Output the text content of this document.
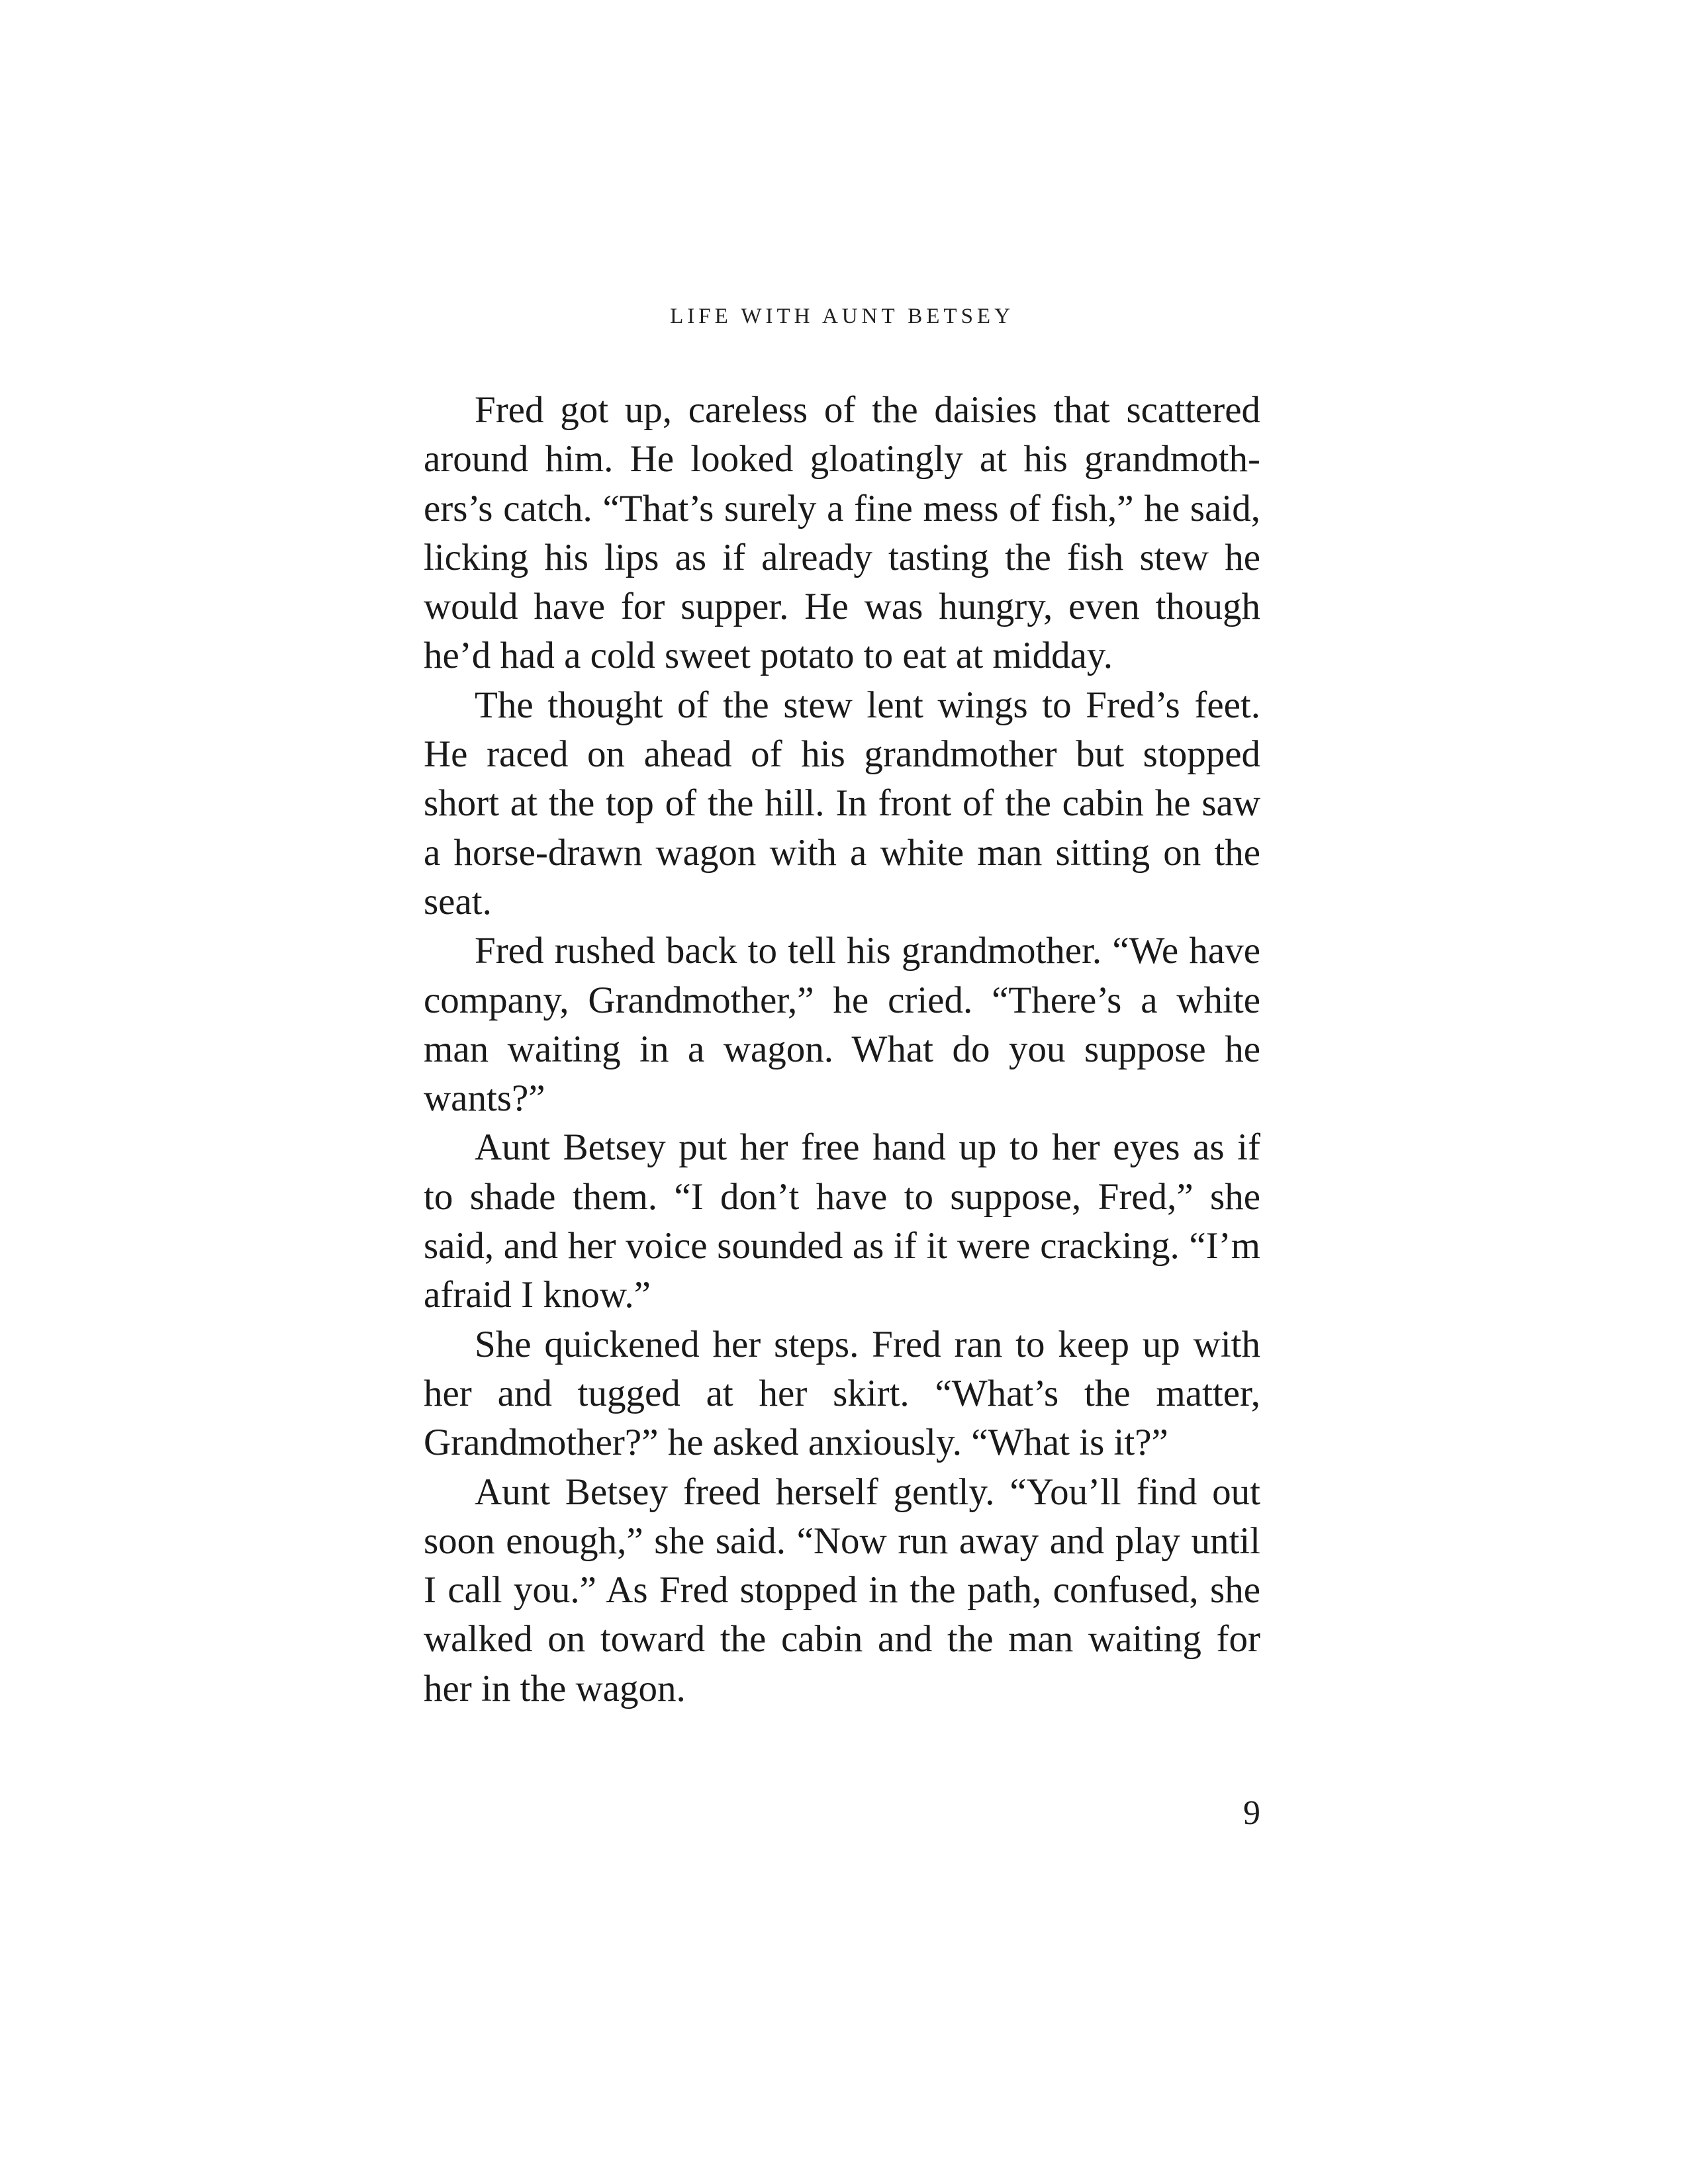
LIFE WITH AUNT BETSEY

Fred got up, careless of the daisies that scattered around him. He looked gloatingly at his grandmothers’s catch. “That’s surely a fine mess of fish,” he said, licking his lips as if already tasting the fish stew he would have for supper. He was hungry, even though he’d had a cold sweet potato to eat at midday.

The thought of the stew lent wings to Fred’s feet. He raced on ahead of his grandmother but stopped short at the top of the hill. In front of the cabin he saw a horse-drawn wagon with a white man sitting on the seat.

Fred rushed back to tell his grandmother. “We have company, Grandmother,” he cried. “There’s a white man waiting in a wagon. What do you suppose he wants?”

Aunt Betsey put her free hand up to her eyes as if to shade them. “I don’t have to suppose, Fred,” she said, and her voice sounded as if it were cracking. “I’m afraid I know.”

She quickened her steps. Fred ran to keep up with her and tugged at her skirt. “What’s the matter, Grandmother?” he asked anxiously. “What is it?”

Aunt Betsey freed herself gently. “You’ll find out soon enough,” she said. “Now run away and play until I call you.” As Fred stopped in the path, confused, she walked on toward the cabin and the man waiting for her in the wagon.

9
